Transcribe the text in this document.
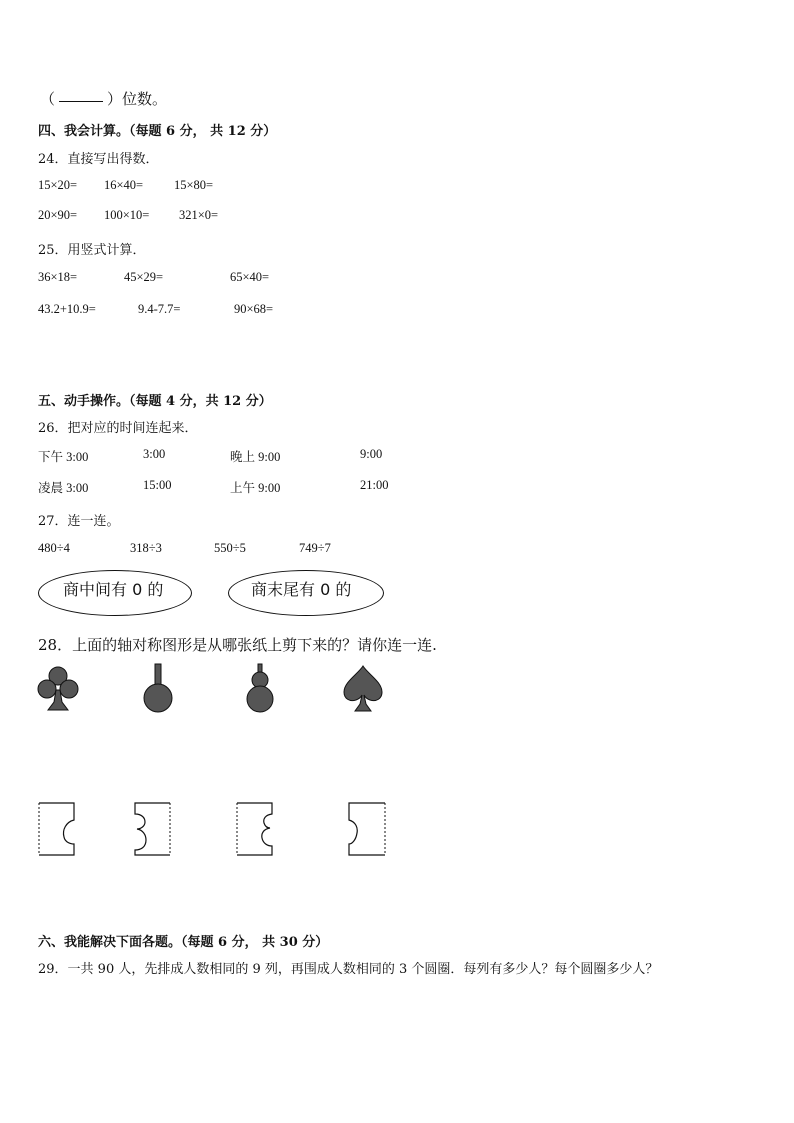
（	）位数。
四、我会计算。（每题 6 分， 共 12 分）
24．直接写出得数．
15×20= 16×40= 15×80=
20×90= 100×10= 321×0=
25．用竖式计算．
36×18=	45×29=	65×40=
43.2+10.9=	9.4-7.7=	90×68=
五、动手操作。（每题 4 分，共 12 分）
26．把对应的时间连起来．
下午 3:00	3:00	晚上 9:00	9:00
凌晨 3:00	15:00	上午 9:00	21:00
27．连一连。
480÷4	318÷3	550÷5	749÷7
商中间有 0 的	商末尾有 0 的
28．上面的轴对称图形是从哪张纸上剪下来的？请你连一连.
六、我能解决下面各题。（每题 6 分， 共 30 分）
29．一共 90 人，先排成人数相同的 9 列，再围成人数相同的 3 个圆圈．每列有多少人？每个圆圈多少人？
